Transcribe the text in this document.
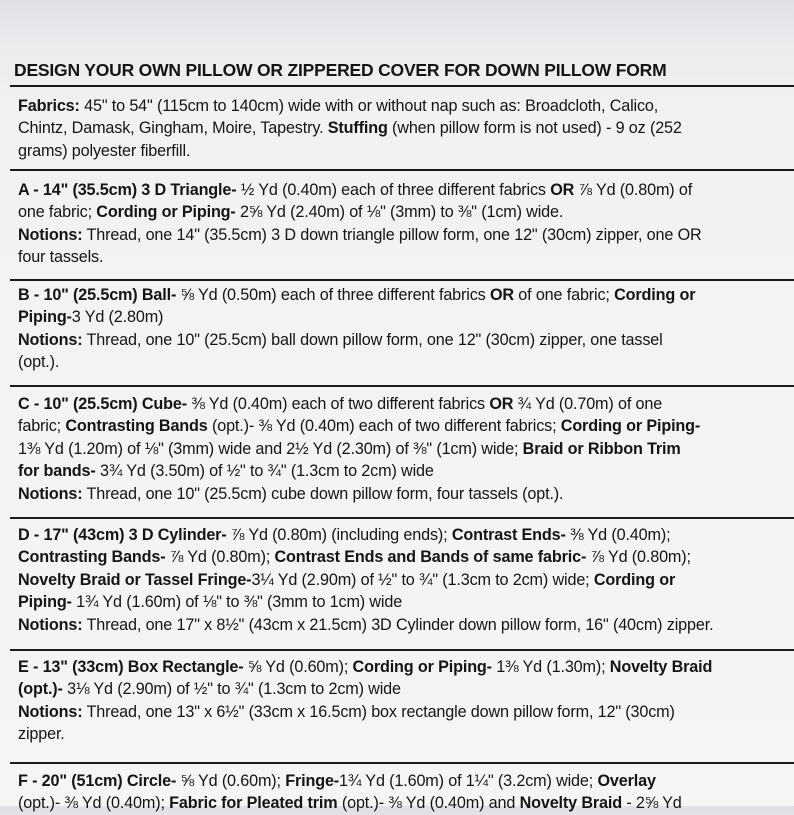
DESIGN YOUR OWN PILLOW OR ZIPPERED COVER FOR DOWN PILLOW FORM
Fabrics: 45" to 54" (115cm to 140cm) wide with or without nap such as: Broadcloth, Calico,
Chintz, Damask, Gingham, Moire, Tapestry. Stuffing (when pillow form is not used) - 9 oz (252
grams) polyester fiberfill.
A - 14" (35.5cm) 3 D Triangle- ½ Yd (0.40m) each of three different fabrics OR ⅞ Yd (0.80m) of
one fabric; Cording or Piping- 2⅝ Yd (2.40m) of ⅛" (3mm) to ⅜" (1cm) wide.
Notions: Thread, one 14" (35.5cm) 3 D down triangle pillow form, one 12" (30cm) zipper, one OR
four tassels.
B - 10" (25.5cm) Ball- ⅝ Yd (0.50m) each of three different fabrics OR of one fabric; Cording or
Piping-3 Yd (2.80m)
Notions: Thread, one 10" (25.5cm) ball down pillow form, one 12" (30cm) zipper, one tassel
(opt.).
C - 10" (25.5cm) Cube- ⅜ Yd (0.40m) each of two different fabrics OR ¾ Yd (0.70m) of one
fabric; Contrasting Bands (opt.)- ⅜ Yd (0.40m) each of two different fabrics; Cording or Piping-
1⅜ Yd (1.20m) of ⅛" (3mm) wide and 2½ Yd (2.30m) of ⅜" (1cm) wide; Braid or Ribbon Trim
for bands- 3¾ Yd (3.50m) of ½" to ¾" (1.3cm to 2cm) wide
Notions: Thread, one 10" (25.5cm) cube down pillow form, four tassels (opt.).
D - 17" (43cm) 3 D Cylinder- ⅞ Yd (0.80m) (including ends); Contrast Ends- ⅜ Yd (0.40m);
Contrasting Bands- ⅞ Yd (0.80m); Contrast Ends and Bands of same fabric- ⅞ Yd (0.80m);
Novelty Braid or Tassel Fringe-3¼ Yd (2.90m) of ½" to ¾" (1.3cm to 2cm) wide; Cording or
Piping- 1¾ Yd (1.60m) of ⅛" to ⅜" (3mm to 1cm) wide
Notions: Thread, one 17" x 8½" (43cm x 21.5cm) 3D Cylinder down pillow form, 16" (40cm) zipper.
E - 13" (33cm) Box Rectangle- ⅝ Yd (0.60m); Cording or Piping- 1⅜ Yd (1.30m); Novelty Braid
(opt.)- 3⅛ Yd (2.90m) of ½" to ¾" (1.3cm to 2cm) wide
Notions: Thread, one 13" x 6½" (33cm x 16.5cm) box rectangle down pillow form, 12" (30cm)
zipper.
F - 20" (51cm) Circle- ⅝ Yd (0.60m); Fringe-1¾ Yd (1.60m) of 1¼" (3.2cm) wide; Overlay
(opt.)- ⅜ Yd (0.40m); Fabric for Pleated trim (opt.)- ⅜ Yd (0.40m) and Novelty Braid - 2⅝ Yd
